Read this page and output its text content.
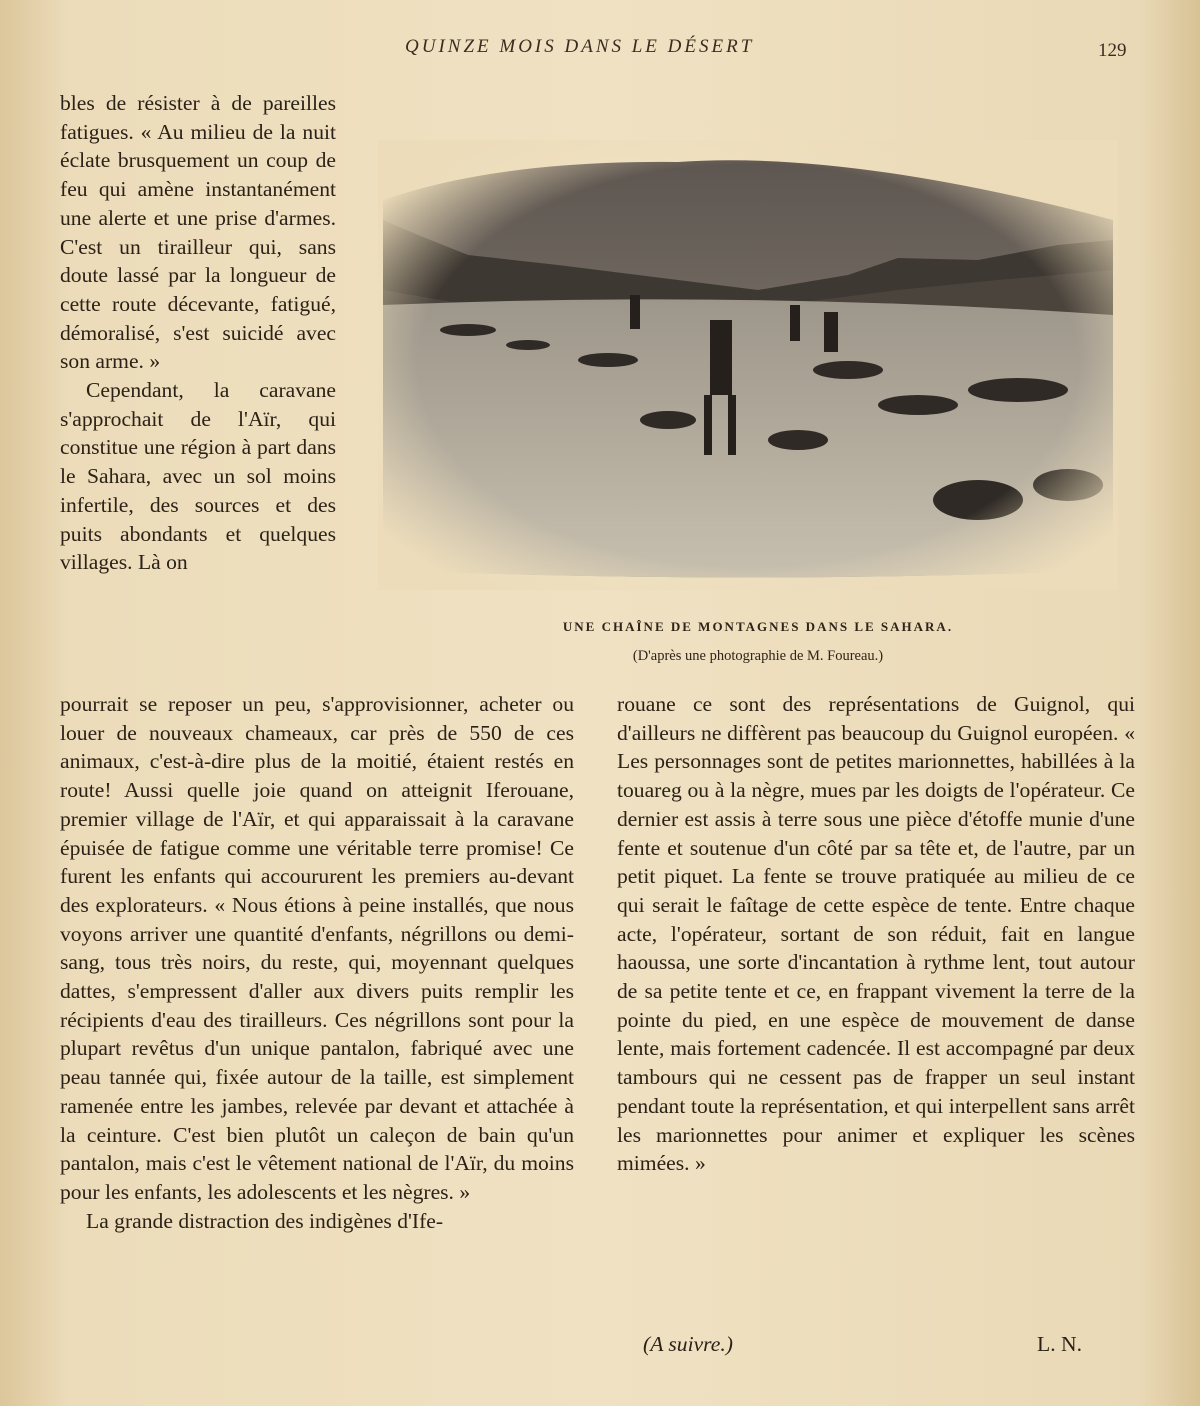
QUINZE MOIS DANS LE DÉSERT	129

bles de résister à de pareilles fatigues. « Au milieu de la nuit éclate brusquement un coup de feu qui amène instantanément une alerte et une prise d'armes. C'est un tirailleur qui, sans doute lassé par la longueur de cette route décevante, fatigué, démoralisé, s'est suicidé avec son arme. »

Cependant, la caravane s'approchait de l'Aïr, qui constitue une région à part dans le Sahara, avec un sol moins infertile, des sources et des puits abondants et quelques villages. Là on

UNE CHAÎNE DE MONTAGNES DANS LE SAHARA.
(D'après une photographie de M. Foureau.)

pourrait se reposer un peu, s'approvisionner, acheter ou louer de nouveaux chameaux, car près de 550 de ces animaux, c'est-à-dire plus de la moitié, étaient restés en route! Aussi quelle joie quand on atteignit Iferouane, premier village de l'Aïr, et qui apparaissait à la caravane épuisée de fatigue comme une véritable terre promise! Ce furent les enfants qui accoururent les premiers au-devant des explorateurs. « Nous étions à peine installés, que nous voyons arriver une quantité d'enfants, négrillons ou demi-sang, tous très noirs, du reste, qui, moyennant quelques dattes, s'empressent d'aller aux divers puits remplir les récipients d'eau des tirailleurs. Ces négrillons sont pour la plupart revêtus d'un unique pantalon, fabriqué avec une peau tannée qui, fixée autour de la taille, est simplement ramenée entre les jambes, relevée par devant et attachée à la ceinture. C'est bien plutôt un caleçon de bain qu'un pantalon, mais c'est le vêtement national de l'Aïr, du moins pour les enfants, les adolescents et les nègres. »

La grande distraction des indigènes d'Ife-

rouane ce sont des représentations de Guignol, qui d'ailleurs ne diffèrent pas beaucoup du Guignol européen. « Les personnages sont de petites marionnettes, habillées à la touareg ou à la nègre, mues par les doigts de l'opérateur. Ce dernier est assis à terre sous une pièce d'étoffe munie d'une fente et soutenue d'un côté par sa tête et, de l'autre, par un petit piquet. La fente se trouve pratiquée au milieu de ce qui serait le faîtage de cette espèce de tente. Entre chaque acte, l'opérateur, sortant de son réduit, fait en langue haoussa, une sorte d'incantation à rythme lent, tout autour de sa petite tente et ce, en frappant vivement la terre de la pointe du pied, en une espèce de mouvement de danse lente, mais fortement cadencée. Il est accompagné par deux tambours qui ne cessent pas de frapper un seul instant pendant toute la représentation, et qui interpellent sans arrêt les marionnettes pour animer et expliquer les scènes mimées. »

(A suivre.)	L. N.
